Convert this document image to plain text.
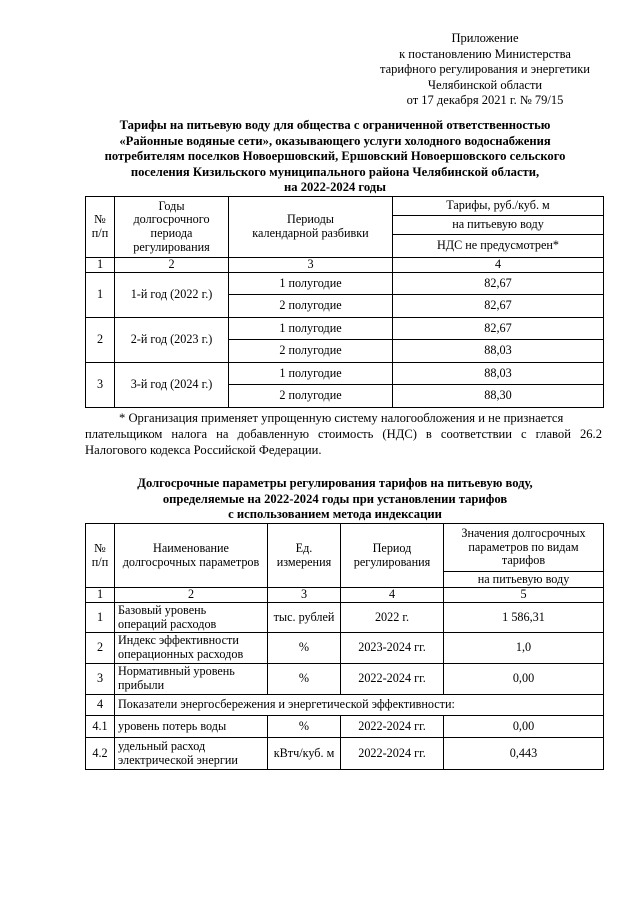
Приложение
к постановлению Министерства
тарифного регулирования и энергетики
Челябинской области
от 17 декабря 2021 г. № 79/15
Тарифы на питьевую воду для общества с ограниченной ответственностью
«Районные водяные сети», оказывающего услуги холодного водоснабжения
потребителям поселков Новоершовский, Ершовский Новоершовского сельского
поселения Кизильского муниципального района Челябинской области,
на 2022-2024 годы
№
п/п	Годы
долгосрочного
периода
регулирования	Периоды
календарной разбивки	Тарифы, руб./куб. м
			на питьевую воду
			НДС не предусмотрен*
1	2	3	4
1	1-й год (2022 г.)	1 полугодие	82,67
		2 полугодие	82,67
2	2-й год (2023 г.)	1 полугодие	82,67
		2 полугодие	88,03
3	3-й год (2024 г.)	1 полугодие	88,03
		2 полугодие	88,30
* Организация применяет упрощенную систему налогообложения и не признается
плательщиком налога на добавленную стоимость (НДС) в соответствии с главой 26.2 Налогового кодекса Российской Федерации.
Долгосрочные параметры регулирования тарифов на питьевую воду,
определяемые на 2022-2024 годы при установлении тарифов
с использованием метода индексации
№
п/п	Наименование
долгосрочных параметров	Ед.
измерения	Период
регулирования	Значения долгосрочных
параметров по видам
тарифов
				на питьевую воду
1	2	3	4	5
1	Базовый уровень
операций расходов	тыс. рублей	2022 г.	1 586,31
2	Индекс эффективности
операционных расходов	%	2023-2024 гг.	1,0
3	Нормативный уровень
прибыли	%	2022-2024 гг.	0,00
4	Показатели энергосбережения и энергетической эффективности:			
4.1	уровень потерь воды	%	2022-2024 гг.	0,00
4.2	удельный расход
электрической энергии	кВтч/куб. м	2022-2024 гг.	0,443
